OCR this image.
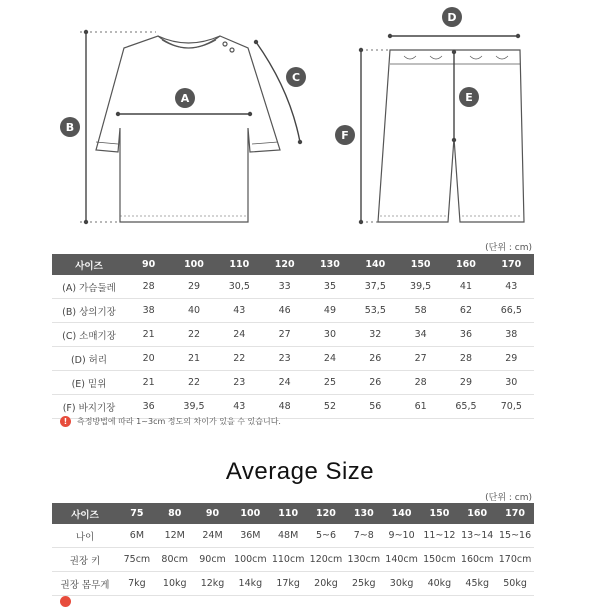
A
B
C
D
E
F
(단위 : cm)
사이즈	90	100	110	120	130	140	150	160	170
(A) 가슴둘레	28	29	30,5	33	35	37,5	39,5	41	43
(B) 상의기장	38	40	43	46	49	53,5	58	62	66,5
(C) 소매기장	21	22	24	27	30	32	34	36	38
(D) 허리	20	21	22	23	24	26	27	28	29
(E) 밑위	21	22	23	24	25	26	28	29	30
(F) 바지기장	36	39,5	43	48	52	56	61	65,5	70,5
!	측정방법에 따라 1~3cm 정도의 차이가 있을 수 있습니다.
Average Size
(단위 : cm)
사이즈	75	80	90	100	110	120	130	140	150	160	170
나이	6M	12M	24M	36M	48M	5~6	7~8	9~10	11~12	13~14	15~16
권장 키	75cm	80cm	90cm	100cm	110cm	120cm	130cm	140cm	150cm	160cm	170cm
권장 몸무게	7kg	10kg	12kg	14kg	17kg	20kg	25kg	30kg	40kg	45kg	50kg
